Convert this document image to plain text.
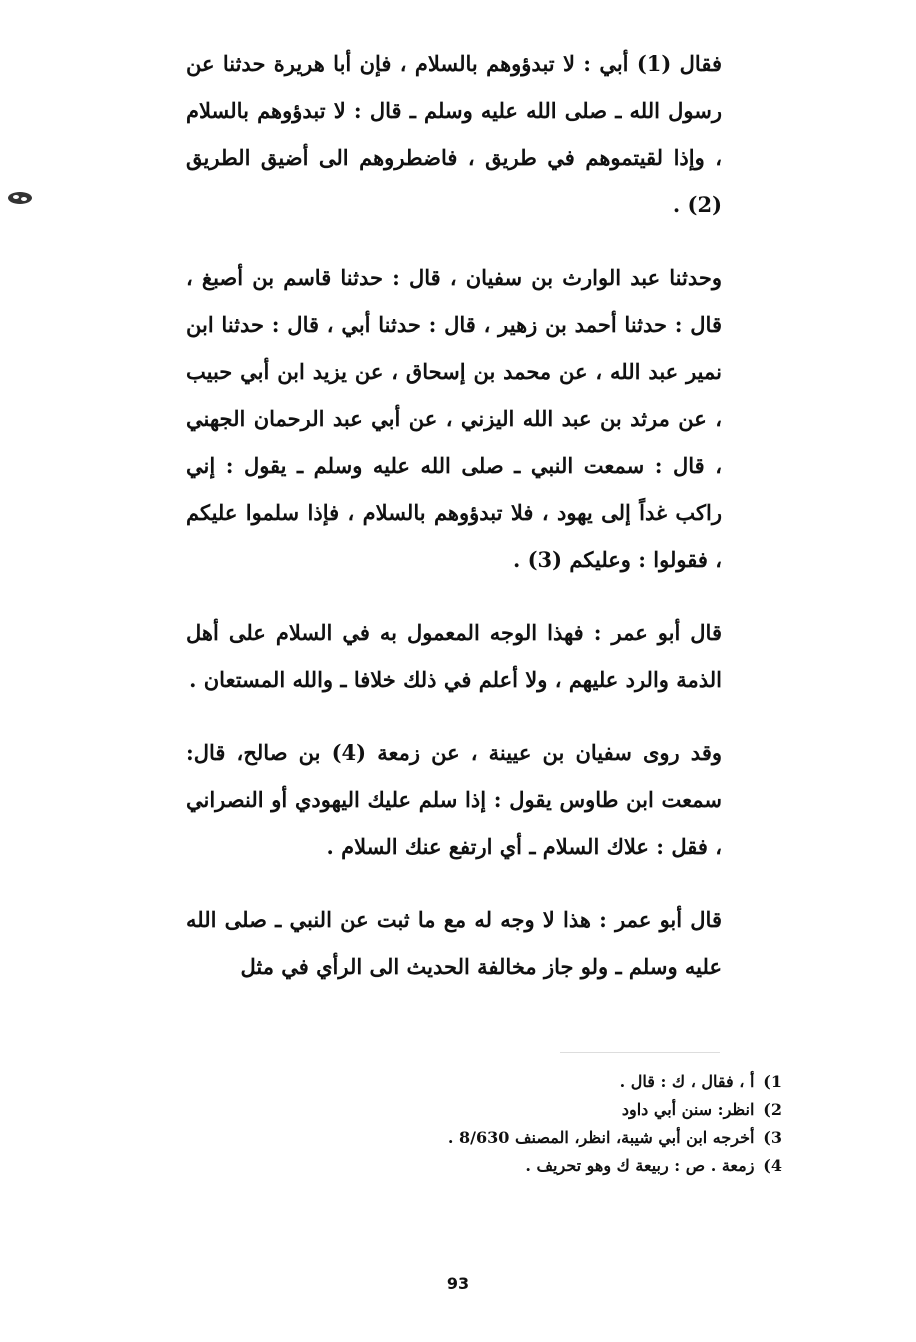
فقال (1) أبي : لا تبدؤوهم بالسلام ، فإن أبا هريرة حدثنا عن رسول الله ـ صلى الله عليه وسلم ـ قال : لا تبدؤوهم بالسلام ، وإذا لقيتموهم في طريق ، فاضطروهم الى أضيق الطريق (2) .

وحدثنا عبد الوارث بن سفيان ، قال : حدثنا قاسم بن أصبغ ، قال : حدثنا أحمد بن زهير ، قال : حدثنا أبي ، قال : حدثنا ابن نمير عبد الله ، عن محمد بن إسحاق ، عن يزيد ابن أبي حبيب ، عن مرثد بن عبد الله اليزني ، عن أبي عبد الرحمان الجهني ، قال : سمعت النبي ـ صلى الله عليه وسلم ـ يقول : إني راكب غداً إلى يهود ، فلا تبدؤوهم بالسلام ، فإذا سلموا عليكم ، فقولوا : وعليكم (3) .

قال أبو عمر : فهذا الوجه المعمول به في السلام على أهل الذمة والرد عليهم ، ولا أعلم في ذلك خلافا ـ والله المستعان .

وقد روى سفيان بن عيينة ، عن زمعة (4) بن صالح، قال: سمعت ابن طاوس يقول : إذا سلم عليك اليهودي أو النصراني ، فقل : علاك السلام ـ أي ارتفع عنك السلام .

قال أبو عمر : هذا لا وجه له مع ما ثبت عن النبي ـ صلى الله عليه وسلم ـ ولو جاز مخالفة الحديث الى الرأي في مثل

1) أ ، فقال ، ك : قال .
2) انظر: سنن أبي داود
3) أخرجه ابن أبي شيبة، انظر، المصنف 8/630 .
4) زمعة . ص : ربيعة ك وهو تحريف .
93
